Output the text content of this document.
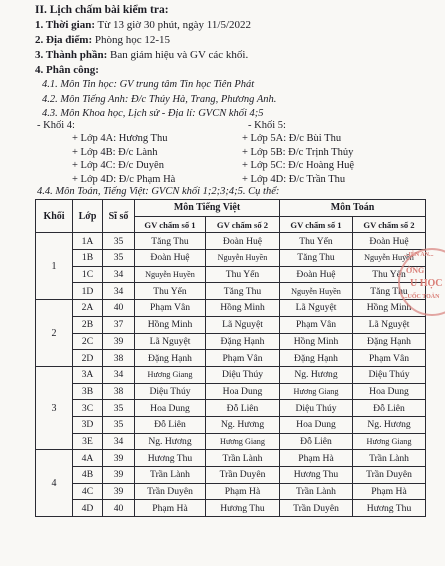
II. Lịch chấm bài kiểm tra:
1. Thời gian: Từ 13 giờ 30 phút, ngày 11/5/2022
2. Địa điểm: Phòng học 12-15
3. Thành phần: Ban giám hiệu và GV các khối.
4. Phân công:
4.1. Môn Tin học: GV trung tâm Tin học Tiên Phát
4.2. Môn Tiếng Anh: Đ/c Thúy Hà, Trang, Phương Anh.
4.3. Môn Khoa học, Lịch sử - Địa lí: GVCN khối 4;5
- Khối 4:	- Khối 5:
+ Lớp 4A: Hương Thu
+ Lớp 4B: Đ/c Lành
+ Lớp 4C: Đ/c Duyên
+ Lớp 4D: Đ/c Phạm Hà
+ Lớp 5A: Đ/c Bùi Thu
+ Lớp 5B: Đ/c Trịnh Thủy
+ Lớp 5C: Đ/c Hoàng Huệ
+ Lớp 4D: Đ/c Trần Thu
4.4. Môn Toán, Tiếng Việt: GVCN khối 1;2;3;4;5. Cụ thể:
Khối	Lớp	Sĩ số	Môn Tiếng Việt		Môn Toán	
			GV chấm số 1	GV chấm số 2	GV chấm số 1	GV chấm số 2
1	1A	35	Tăng Thu	Đoàn Huệ	Thu Yến	Đoàn Huệ
	1B	35	Đoàn Huệ	Nguyễn Huyền	Tăng Thu	Nguyễn Huyền
	1C	34	Nguyễn Huyền	Thu Yến	Đoàn Huệ	Thu Yến
	1D	34	Thu Yến	Tăng Thu	Nguyễn Huyền	Tăng Thu
2	2A	40	Phạm Vân	Hồng Minh	Lã Nguyệt	Hồng Minh
	2B	37	Hồng Minh	Lã Nguyệt	Phạm Vân	Lã Nguyệt
	2C	39	Lã Nguyệt	Đặng Hạnh	Hồng Minh	Đặng Hạnh
	2D	38	Đặng Hạnh	Phạm Vân	Đặng Hạnh	Phạm Vân
3	3A	34	Hương Giang	Diệu Thúy	Ng. Hương	Diệu Thúy
	3B	38	Diệu Thúy	Hoa Dung	Hương Giang	Hoa Dung
	3C	35	Hoa Dung	Đỗ Liên	Diệu Thúy	Đỗ Liên
	3D	35	Đỗ Liên	Ng. Hương	Hoa Dung	Ng. Hương
	3E	34	Ng. Hương	Hương Giang	Đỗ Liên	Hương Giang
4	4A	39	Hương Thu	Trần Lành	Phạm Hà	Trần Lành
	4B	39	Trần Lành	Trần Duyên	Hương Thu	Trần Duyên
	4C	39	Trần Duyên	Phạm Hà	Trần Lành	Phạm Hà
	4D	40	Phạm Hà	Hương Thu	Trần Duyên	Hương Thu
...IÊN AN...
ỜNG
U HỌC
...UỐC TOẢN
